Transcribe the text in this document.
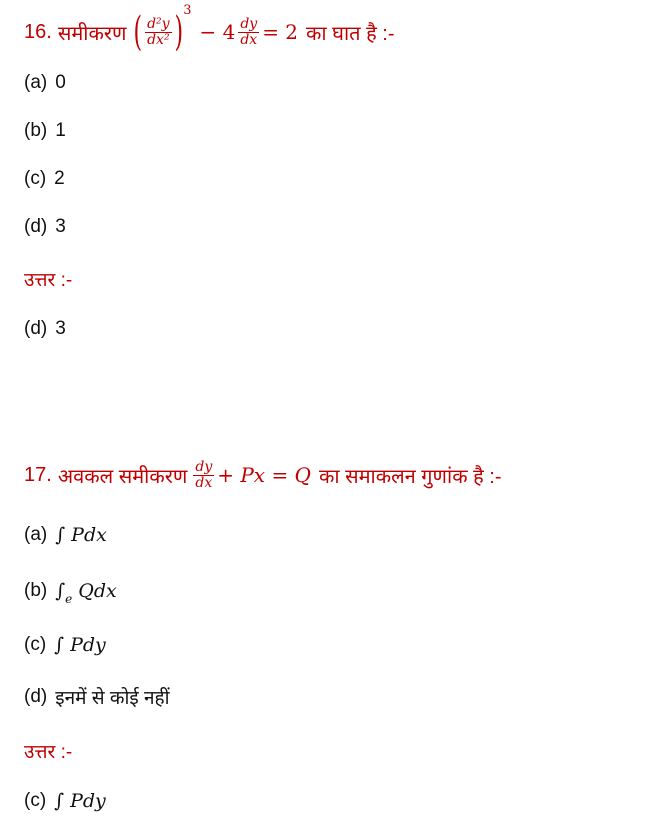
16. समीकरण ( $\frac{\text{d²y}}{\text{dx²}}$ ) 3
− $4 \frac{dy}{dx} = 2$ का घात है :-
(a) 0
(b) 1
(c) 2
(d) 3
उत्तर :-
(d) 3
17. अवकल समीकरण $\frac{dy}{dx} + Px = Q$ का समाकलन गुणांक है :-
(a) ∫ Pdx
(b) ∫ e Qdx
(c) ∫ Pdy
(d) इनमें से कोई नहीं
उत्तर :-
(c) ∫ Pdy
